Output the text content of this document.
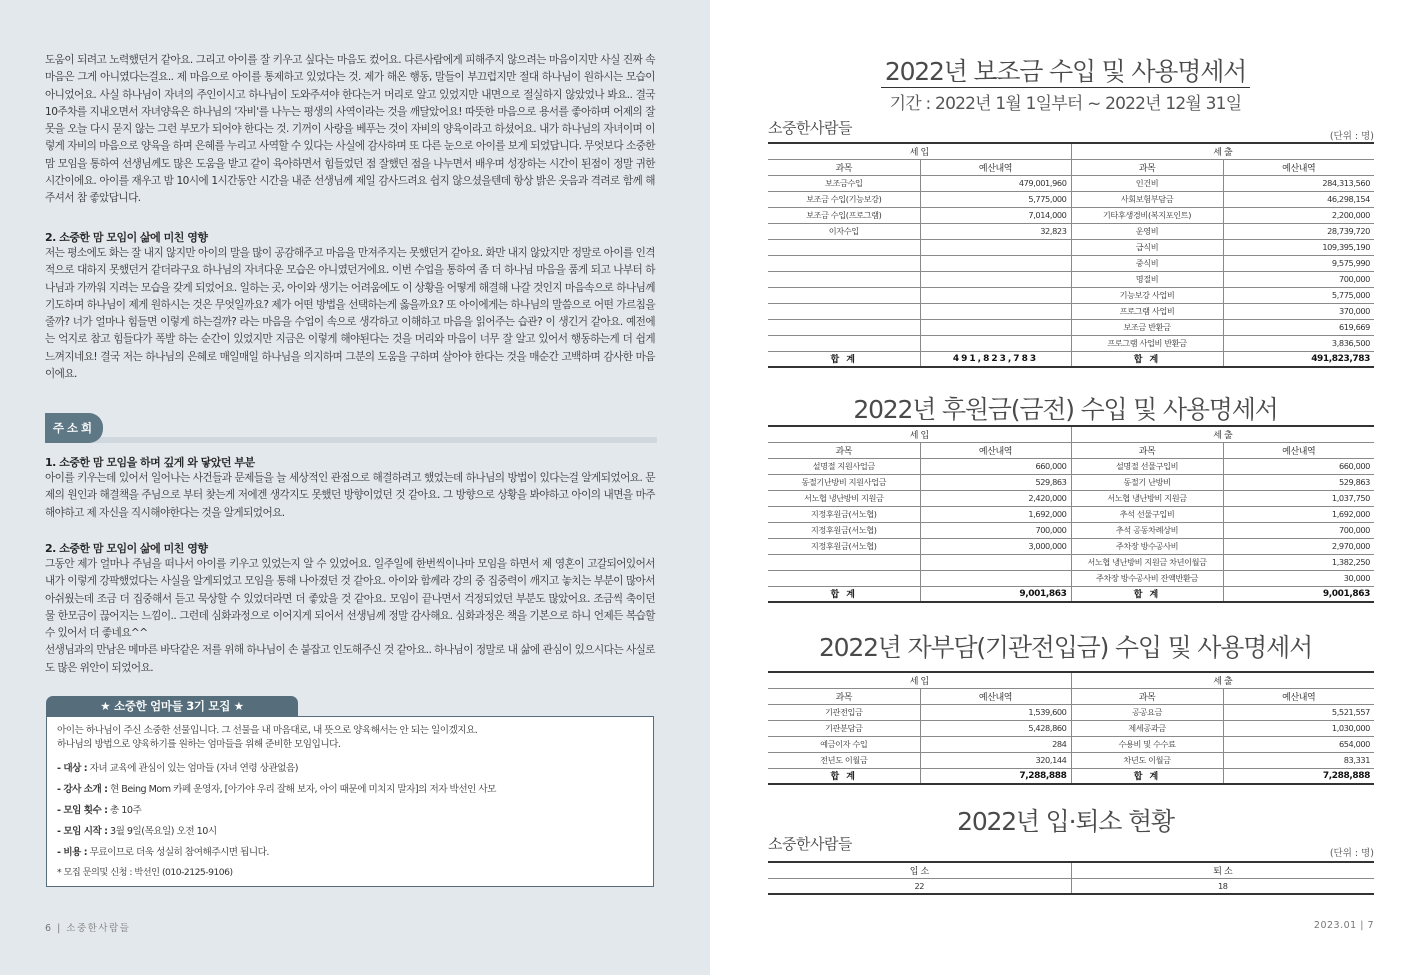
도움이 되려고 노력했던거 같아요. 그리고 아이를 잘 키우고 싶다는 마음도 컸어요. 다른사람에게 피해주지 않으려는 마음이지만 사실 진짜 속마음은 그게 아니였다는걸요.. 제 마음으로 아이를 통제하고 있었다는 것. 제가 해온 행동, 말들이 부끄럽지만 절대 하나님이 원하시는 모습이 아니었어요. 사실 하나님이 자녀의 주인이시고 하나님이 도와주셔야 한다는거 머리로 알고 있었지만 내면으로 절실하지 않았었나 봐요.. 결국 10주차를 지내오면서 자녀양육은 하나님의 '자비'를 나누는 평생의 사역이라는 것을 깨달았어요! 따뜻한 마음으로 용서를 좋아하며 어제의 잘못을 오늘 다시 묻지 않는 그런 부모가 되어야 한다는 것. 기꺼이 사랑을 베푸는 것이 자비의 양육이라고 하셨어요. 내가 하나님의 자녀이며 이렇게 자비의 마음으로 양육을 하며 은혜를 누리고 사역할 수 있다는 사실에 감사하며 또 다른 눈으로 아이를 보게 되었답니다. 무엇보다 소중한 맘 모임을 통하여 선생님께도 많은 도움을 받고 같이 육아하면서 힘들었던 점 잘했던 점을 나누면서 배우며 성장하는 시간이 된점이 정말 귀한 시간이에요. 아이를 재우고 밤 10시에 1시간동안 시간을 내준 선생님께 제일 감사드려요 쉽지 않으셨을텐데 항상 밝은 웃음과 격려로 함께 해주셔서 참 좋았답니다.

2. 소중한 맘 모임이 삶에 미친 영향

저는 평소에도 화는 잘 내지 않지만 아이의 말을 많이 공감해주고 마음을 만져주지는 못했던거 같아요. 화만 내지 않았지만 정말로 아이를 인격적으로 대하지 못했던거 같더라구요 하나님의 자녀다운 모습은 아니였던거에요. 이번 수업을 통하여 좀 더 하나님 마음을 품게 되고 나부터 하나님과 가까워 지려는 모습을 갖게 되었어요. 일하는 곳, 아이와 생기는 어려움에도 이 상황을 어떻게 해결해 나갈 것인지 마음속으로 하나님께 기도하며 하나님이 제게 원하시는 것은 무엇일까요? 제가 어떤 방법을 선택하는게 옳을까요? 또 아이에게는 하나님의 말씀으로 어떤 가르침을 줄까? 너가 얼마나 힘들면 이렇게 하는걸까? 라는 마음을 수업이 속으로 생각하고 이해하고 마음을 읽어주는 습관? 이 생긴거 같아요. 예전에는 억지로 참고 힘들다가 폭발 하는 순간이 있었지만 지금은 이렇게 해야된다는 것을 머리와 마음이 너무 잘 알고 있어서 행동하는게 더 쉽게 느껴지네요! 결국 저는 하나님의 은혜로 매일매일 하나님을 의지하며 그분의 도움을 구하며 살아야 한다는 것을 매순간 고백하며 감사한 마음이에요.

주소희
1. 소중한 맘 모임을 하며 깊게 와 닿았던 부분

아이를 키우는데 있어서 일어나는 사건들과 문제들을 늘 세상적인 관점으로 해결하려고 했었는데 하나님의 방법이 있다는걸 알게되었어요. 문제의 원인과 해결책을 주님으로 부터 찾는게 저에겐 생각지도 못했던 방향이었던 것 같아요. 그 방향으로 상황을 봐야하고 아이의 내면을 마주해야하고 제 자신을 직시해야한다는 것을 알게되었어요.

2. 소중한 맘 모임이 삶에 미친 영향

그동안 제가 얼마나 주님을 떠나서 아이를 키우고 있었는지 알 수 있었어요. 일주일에 한번씩이나마 모임을 하면서 제 영혼이 고갈되어있어서 내가 이렇게 강팍했었다는 사실을 알게되었고 모임을 통해 나아졌던 것 같아요. 아이와 함께라 강의 중 집중력이 깨지고 놓치는 부분이 많아서 아쉬웠는데 조금 더 집중해서 듣고 묵상할 수 있었더라면 더 좋았을 것 같아요. 모임이 끝나면서 걱정되었던 부분도 많았어요. 조금씩 축이던 물 한모금이 끊어지는 느낌이.. 그런데 심화과정으로 이어지게 되어서 선생님께 정말 감사해요. 심화과정은 책을 기본으로 하니 언제든 복습할 수 있어서 더 좋네요^^

선생님과의 만남은 메마른 바닥같은 저를 위해 하나님이 손 붙잡고 인도해주신 것 같아요.. 하나님이 정말로 내 삶에 관심이 있으시다는 사실로도 많은 위안이 되었어요.

★ 소중한 엄마들 3기 모집 ★
아이는 하나님이 주신 소중한 선물입니다. 그 선물을 내 마음대로, 내 뜻으로 양육해서는 안 되는 일이겠지요.
하나님의 방법으로 양육하기를 원하는 엄마들을 위해 준비한 모임입니다.
- 대상 : 자녀 교육에 관심이 있는 엄마들 (자녀 연령 상관없음)
- 강사 소개 : 현 Being Mom 카페 운영자, [아가야 우리 잘해 보자, 아이 때문에 미치지 말자]의 저자 박선인 사모
- 모임 횟수 : 총 10주
- 모임 시작 : 3월 9일(목요일) 오전 10시
- 비용 : 무료이므로 더욱 성실히 참여해주시면 됩니다.
* 모집 문의및 신청 : 박선인 (010-2125-9106)
6 | 소중한사람들
2022년 보조금 수입 및 사용명세서
기간 : 2022년 1월 1일부터 ~ 2022년 12월 31일
소중한사람들	(단위 : 명)
세 입		세 출	
과목	예산내역	과목	예산내역
보조금수입	479,001,960	인건비	284,313,560
보조금 수입(기능보강)	5,775,000	사회보험부담금	46,298,154
보조금 수입(프로그램)	7,014,000	기타후생경비(복지포인트)	2,200,000
이자수입	32,823	운영비	28,739,720
		급식비	109,395,190
		중식비	9,575,990
		명절비	700,000
		기능보강 사업비	5,775,000
		프로그램 사업비	370,000
		보조금 반환금	619,669
		프로그램 사업비 반환금	3,836,500
합 계	491,823,783	합 계	491,823,783
2022년 후원금(금전) 수입 및 사용명세서
세 입		세 출	
과목	예산내역	과목	예산내역
설명절 지원사업금	660,000	설명절 선물구입비	660,000
동절기난방비 지원사업금	529,863	동절기 난방비	529,863
서노협 냉난방비 지원금	2,420,000	서노협 냉난방비 지원금	1,037,750
지정후원금(서노협)	1,692,000	추석 선물구입비	1,692,000
지정후원금(서노협)	700,000	추석 공동차례상비	700,000
지정후원금(서노협)	3,000,000	주차장 방수공사비	2,970,000
		서노협 냉난방비 지원금 차년이월금	1,382,250
		주차장 방수공사비 잔액반환금	30,000
합 계	9,001,863	합 계	9,001,863
2022년 자부담(기관전입금) 수입 및 사용명세서
세 입		세 출	
과목	예산내역	과목	예산내역
기관전입금	1,539,600	공공요금	5,521,557
기관분담금	5,428,860	제세공과금	1,030,000
예금이자 수입	284	수용비 및 수수료	654,000
전년도 이월금	320,144	차년도 이월금	83,331
합 계	7,288,888	합 계	7,288,888
2022년 입·퇴소 현황
소중한사람들
(단위 : 명)
입 소	퇴 소
22	18
2023.01 | 7
